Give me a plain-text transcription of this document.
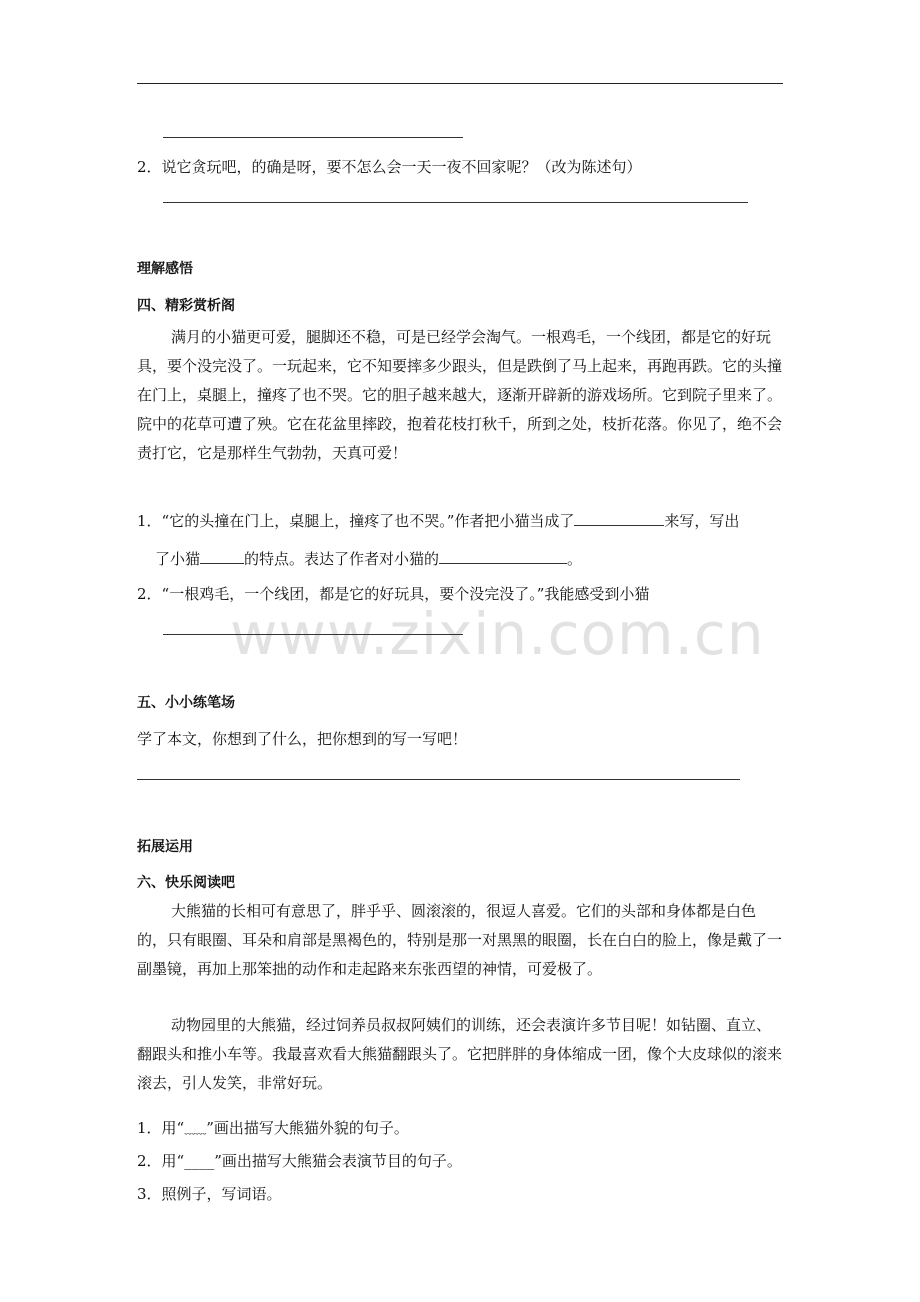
www.zixin.com.cn
2．说它贪玩吧，的确是呀，要不怎么会一天一夜不回家呢？（改为陈述句）
理解感悟
四、精彩赏析阁
满月的小猫更可爱，腿脚还不稳，可是已经学会淘气。一根鸡毛，一个线团，都是它的好玩具，要个没完没了。一玩起来，它不知要摔多少跟头，但是跌倒了马上起来，再跑再跌。它的头撞在门上，桌腿上，撞疼了也不哭。它的胆子越来越大，逐渐开辟新的游戏场所。它到院子里来了。院中的花草可遭了殃。它在花盆里摔跤，抱着花枝打秋千，所到之处，枝折花落。你见了，绝不会责打它，它是那样生气勃勃，天真可爱！
1．“它的头撞在门上，桌腿上，撞疼了也不哭。”作者把小猫当成了	来写，写出
了小猫	的特点。表达了作者对小猫的	。
2．“一根鸡毛，一个线团，都是它的好玩具，要个没完没了。”我能感受到小猫
五、小小练笔场
学了本文，你想到了什么，把你想到的写一写吧！
拓展运用
六、快乐阅读吧
大熊猫的长相可有意思了，胖乎乎、圆滚滚的，很逗人喜爱。它们的头部和身体都是白色的，只有眼圈、耳朵和肩部是黑褐色的，特别是那一对黑黑的眼圈，长在白白的脸上，像是戴了一副墨镜，再加上那笨拙的动作和走起路来东张西望的神情，可爱极了。
动物园里的大熊猫，经过饲养员叔叔阿姨们的训练，还会表演许多节目呢！如钻圈、直立、翻跟头和推小车等。我最喜欢看大熊猫翻跟头了。它把胖胖的身体缩成一团，像个大皮球似的滚来滚去，引人发笑，非常好玩。
1．用“﹏﹏”画出描写大熊猫外貌的句子。
2．用“____”画出描写大熊猫会表演节目的句子。
3．照例子，写词语。
